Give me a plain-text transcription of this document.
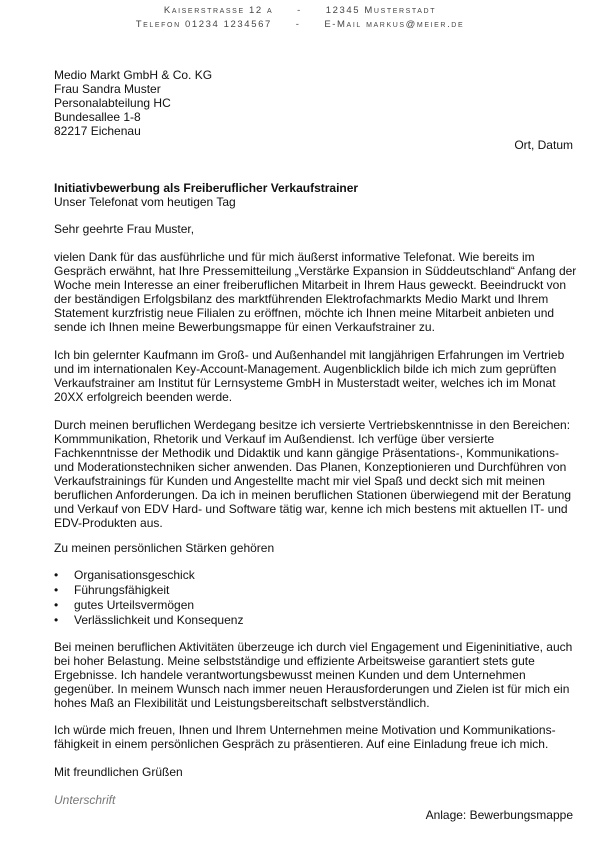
Kaiserstrasse 12 a	-	12345 Musterstadt
Telefon 01234 1234567	-	E-Mail markus@meier.de
Medio Markt GmbH & Co. KG
Frau Sandra Muster
Personalabteilung HC
Bundesallee 1-8
82217 Eichenau
Ort, Datum
Initiativbewerbung als Freiberuflicher Verkaufstrainer
Unser Telefonat vom heutigen Tag
Sehr geehrte Frau Muster,
vielen Dank für das ausführliche und für mich äußerst informative Telefonat. Wie bereits im Gespräch erwähnt, hat Ihre Pressemitteilung „Verstärke Expansion in Süddeutschland“ Anfang der Woche mein Interesse an einer freiberuflichen Mitarbeit in Ihrem Haus geweckt. Beeindruckt von der beständigen Erfolgsbilanz des marktführenden Elektrofachmarkts Medio Markt und Ihrem Statement kurzfristig neue Filialen zu eröffnen, möchte ich Ihnen meine Mitarbeit anbieten und sende ich Ihnen meine Bewerbungsmappe für einen Verkaufstrainer zu.
Ich bin gelernter Kaufmann im Groß- und Außenhandel mit langjährigen Erfahrungen im Vertrieb und im internationalen Key-Account-Management. Augenblicklich bilde ich mich zum geprüften Verkaufstrainer am Institut für Lernsysteme GmbH in Musterstadt weiter, welches ich im Monat 20XX erfolgreich beenden werde.
Durch meinen beruflichen Werdegang besitze ich versierte Vertriebskenntnisse in den Bereichen: Kommmunikation, Rhetorik und Verkauf im Außendienst. Ich verfüge über versierte Fachkenntnisse der Methodik und Didaktik und kann gängige Präsentations-, Kommunikations- und Moderationstechniken sicher anwenden. Das Planen, Konzeptionieren und Durchführen von Verkaufstrainings für Kunden und Angestellte macht mir viel Spaß und deckt sich mit meinen beruflichen Anforderungen. Da ich in meinen beruflichen Stationen überwiegend mit der Beratung und Verkauf von EDV Hard- und Software tätig war, kenne ich mich bestens mit aktuellen IT- und EDV-Produkten aus.
Zu meinen persönlichen Stärken gehören
• Organisationsgeschick
• Führungsfähigkeit
• gutes Urteilsvermögen
• Verlässlichkeit und Konsequenz
Bei meinen beruflichen Aktivitäten überzeuge ich durch viel Engagement und Eigeninitiative, auch bei hoher Belastung. Meine selbstständige und effiziente Arbeitsweise garantiert stets gute Ergebnisse. Ich handele verantwortungsbewusst meinen Kunden und dem Unternehmen gegenüber. In meinem Wunsch nach immer neuen Herausforderungen und Zielen ist für mich ein hohes Maß an Flexibilität und Leistungsbereitschaft selbstverständlich.
Ich würde mich freuen, Ihnen und Ihrem Unternehmen meine Motivation und Kommunikations-fähigkeit in einem persönlichen Gespräch zu präsentieren. Auf eine Einladung freue ich mich.
Mit freundlichen Grüßen
Unterschrift
Anlage: Bewerbungsmappe
